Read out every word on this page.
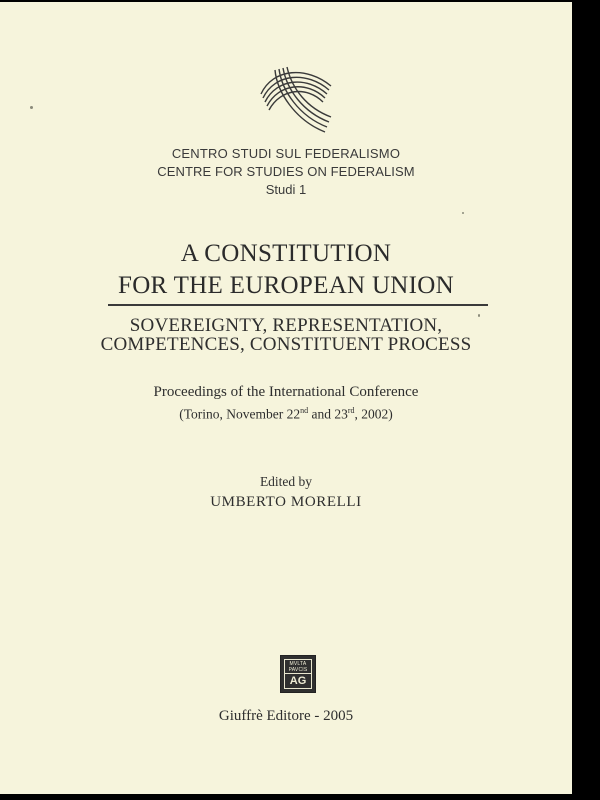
CENTRO STUDI SUL FEDERALISMO
CENTRE FOR STUDIES ON FEDERALISM
Studi 1
A CONSTITUTION
FOR THE EUROPEAN UNION
SOVEREIGNTY, REPRESENTATION,
COMPETENCES, CONSTITUENT PROCESS
Proceedings of the International Conference
(Torino, November 22nd and 23rd, 2002)
Edited by
UMBERTO MORELLI
MVLTA
PAVCIS
AG
Giuffrè Editore - 2005
